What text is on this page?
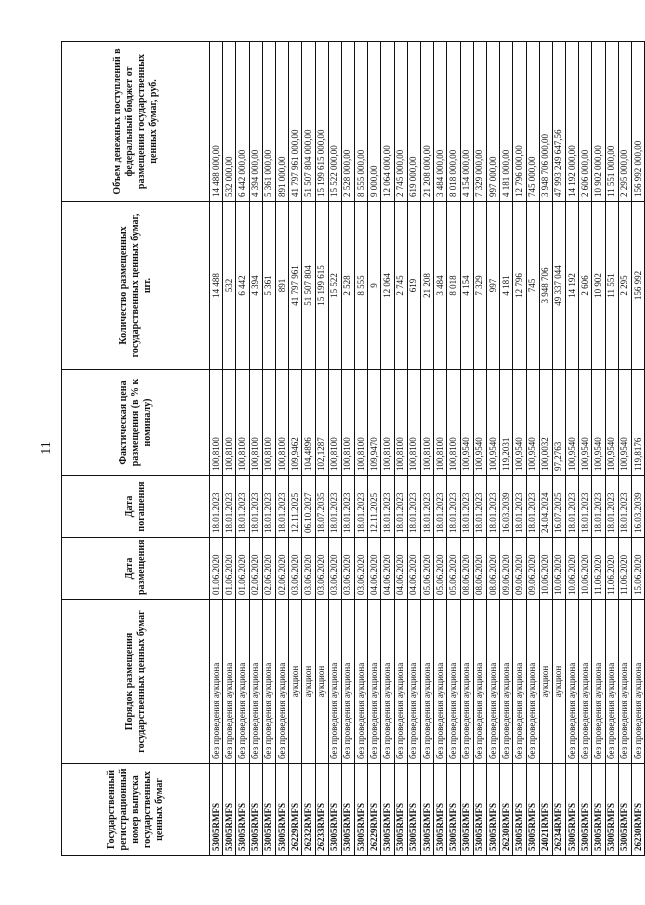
11
Государственный регистрационный номер выпуска государственных ценных бумаг	Порядок размещения государственных ценных бумаг	Дата размещения	Дата погашения	Фактическая цена размещения (в % к номиналу)	Количество размещенных государственных ценных бумаг, шт.	Объем денежных поступлений в федеральный бюджет от размещения государственных ценных бумаг, руб.
53005RMFS	без проведения аукциона	01.06.2020	18.01.2023	100,8100	14 488	14 488 000,00
53005RMFS	без проведения аукциона	01.06.2020	18.01.2023	100,8100	532	532 000,00
53005RMFS	без проведения аукциона	01.06.2020	18.01.2023	100,8100	6 442	6 442 000,00
53005RMFS	без проведения аукциона	02.06.2020	18.01.2023	100,8100	4 394	4 394 000,00
53005RMFS	без проведения аукциона	02.06.2020	18.01.2023	100,8100	5 361	5 361 000,00
53005RMFS	без проведения аукциона	02.06.2020	18.01.2023	100,8100	891	891 000,00
26229RMFS	аукцион	03.06.2020	12.11.2025	109,9462	41 797 961	41 797 961 000,00
26232RMFS	аукцион	03.06.2020	06.10.2027	104,4896	51 507 804	51 507 804 000,00
26233RMFS	аукцион	03.06.2020	18.07.2035	102,1287	15 199 615	15 199 615 000,00
53005RMFS	без проведения аукциона	03.06.2020	18.01.2023	100,8100	15 522	15 522 000,00
53005RMFS	без проведения аукциона	03.06.2020	18.01.2023	100,8100	2 528	2 528 000,00
53005RMFS	без проведения аукциона	03.06.2020	18.01.2023	100,8100	8 555	8 555 000,00
26229RMFS	без проведения аукциона	04.06.2020	12.11.2025	109,9470	9	9 000,00
53005RMFS	без проведения аукциона	04.06.2020	18.01.2023	100,8100	12 064	12 064 000,00
53005RMFS	без проведения аукциона	04.06.2020	18.01.2023	100,8100	2 745	2 745 000,00
53005RMFS	без проведения аукциона	04.06.2020	18.01.2023	100,8100	619	619 000,00
53005RMFS	без проведения аукциона	05.06.2020	18.01.2023	100,8100	21 208	21 208 000,00
53005RMFS	без проведения аукциона	05.06.2020	18.01.2023	100,8100	3 484	3 484 000,00
53005RMFS	без проведения аукциона	05.06.2020	18.01.2023	100,8100	8 018	8 018 000,00
53005RMFS	без проведения аукциона	08.06.2020	18.01.2023	100,9540	4 154	4 154 000,00
53005RMFS	без проведения аукциона	08.06.2020	18.01.2023	100,9540	7 329	7 329 000,00
53005RMFS	без проведения аукциона	08.06.2020	18.01.2023	100,9540	997	997 000,00
26230RMFS	без проведения аукциона	09.06.2020	16.03.2039	119,2031	4 181	4 181 000,00
53005RMFS	без проведения аукциона	09.06.2020	18.01.2023	100,9540	12 796	12 796 000,00
53005RMFS	без проведения аукциона	09.06.2020	18.01.2023	100,9540	745	745 000,00
24021RMFS	аукцион	10.06.2020	24.04.2024	100,0032	3 948 706	3 948 706 000,00
26234RMFS	аукцион	10.06.2020	16.07.2025	97,2763	49 337 044	47 993 249 647,56
53005RMFS	без проведения аукциона	10.06.2020	18.01.2023	100,9540	14 192	14 192 000,00
53005RMFS	без проведения аукциона	10.06.2020	18.01.2023	100,9540	2 606	2 606 000,00
53005RMFS	без проведения аукциона	11.06.2020	18.01.2023	100,9540	10 902	10 902 000,00
53005RMFS	без проведения аукциона	11.06.2020	18.01.2023	100,9540	11 551	11 551 000,00
53005RMFS	без проведения аукциона	11.06.2020	18.01.2023	100,9540	2 295	2 295 000,00
26230RMFS	без проведения аукциона	15.06.2020	16.03.2039	119,8176	156 992	156 992 000,00
